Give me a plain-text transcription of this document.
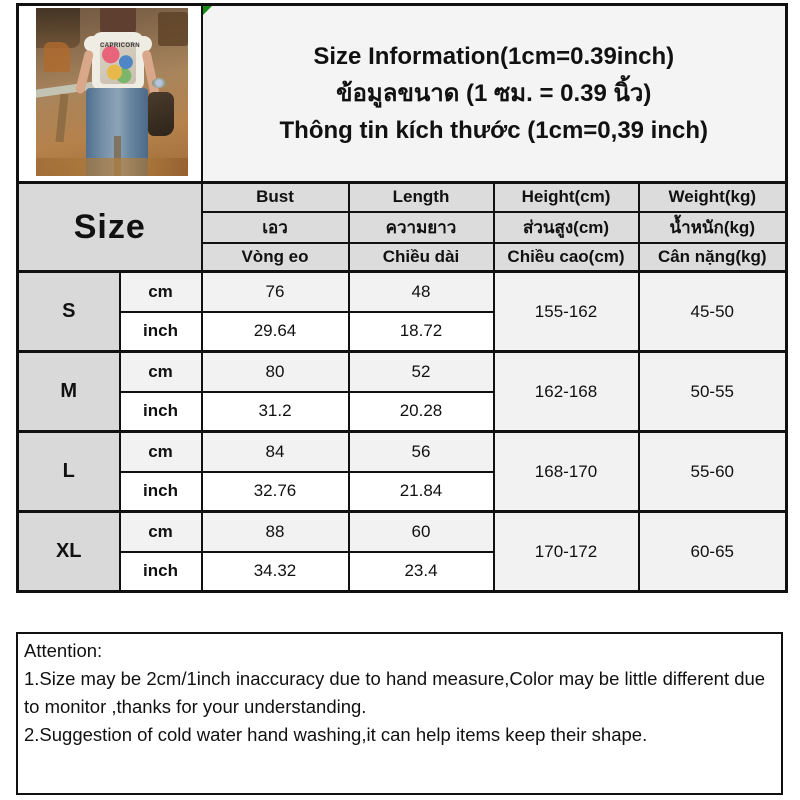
CAPRICORN		Size Information(1cm=0.39inch)
ข้อมูลขนาด (1 ซม. = 0.39 นิ้ว)
Thông tin kích thước (1cm=0,39 inch)			

Size		Bust	Length	Height(cm)	Weight(kg)
		เอว	ความยาว	ส่วนสูง(cm)	น้ำหนัก(kg)
		Vòng eo	Chiều dài	Chiều cao(cm)	Cân nặng(kg)
S	cm	76	48	155-162	45-50
	inch	29.64	18.72		
M	cm	80	52	162-168	50-55
	inch	31.2	20.28		
L	cm	84	56	168-170	55-60
	inch	32.76	21.84		
XL	cm	88	60	170-172	60-65
	inch	34.32	23.4		
Attention:
1.Size may be 2cm/1inch inaccuracy due to hand measure,Color may be little different due to monitor ,thanks for your understanding.
2.Suggestion of cold water hand washing,it can help items keep their shape.
